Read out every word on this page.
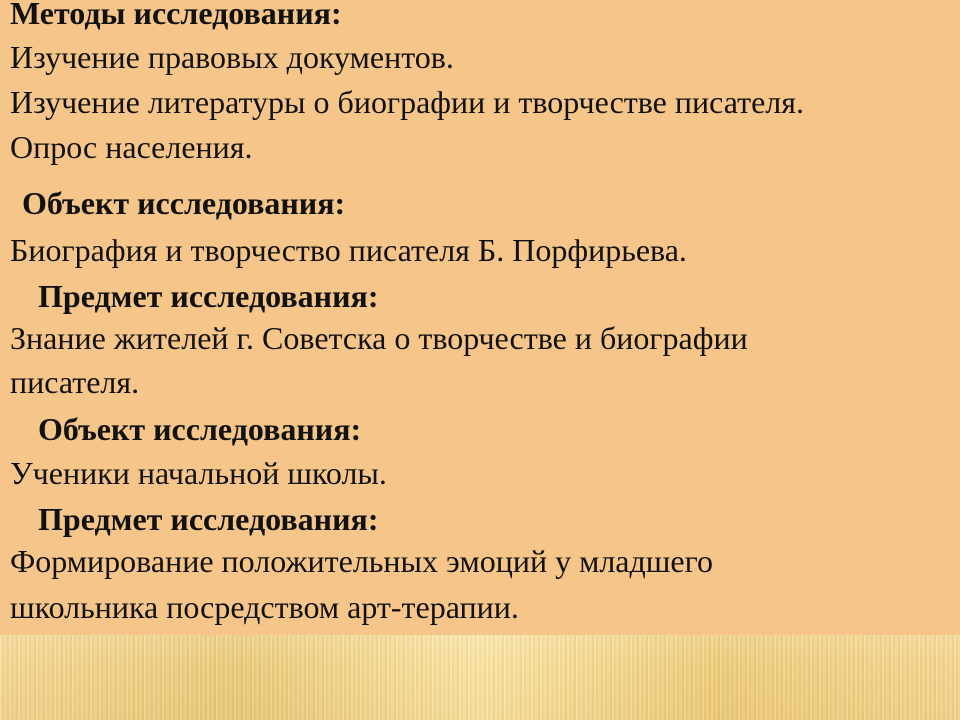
Методы исследования:

Изучение правовых документов.

Изучение литературы о биографии и творчестве писателя.

Опрос населения.

Объект исследования:

Биография и творчество писателя Б. Порфирьева.

Предмет исследования:

Знание жителей г. Советска о творчестве и биографии

писателя.

Объект исследования:

Ученики начальной школы.

Предмет исследования:

Формирование положительных эмоций у младшего

школьника посредством арт-терапии.
